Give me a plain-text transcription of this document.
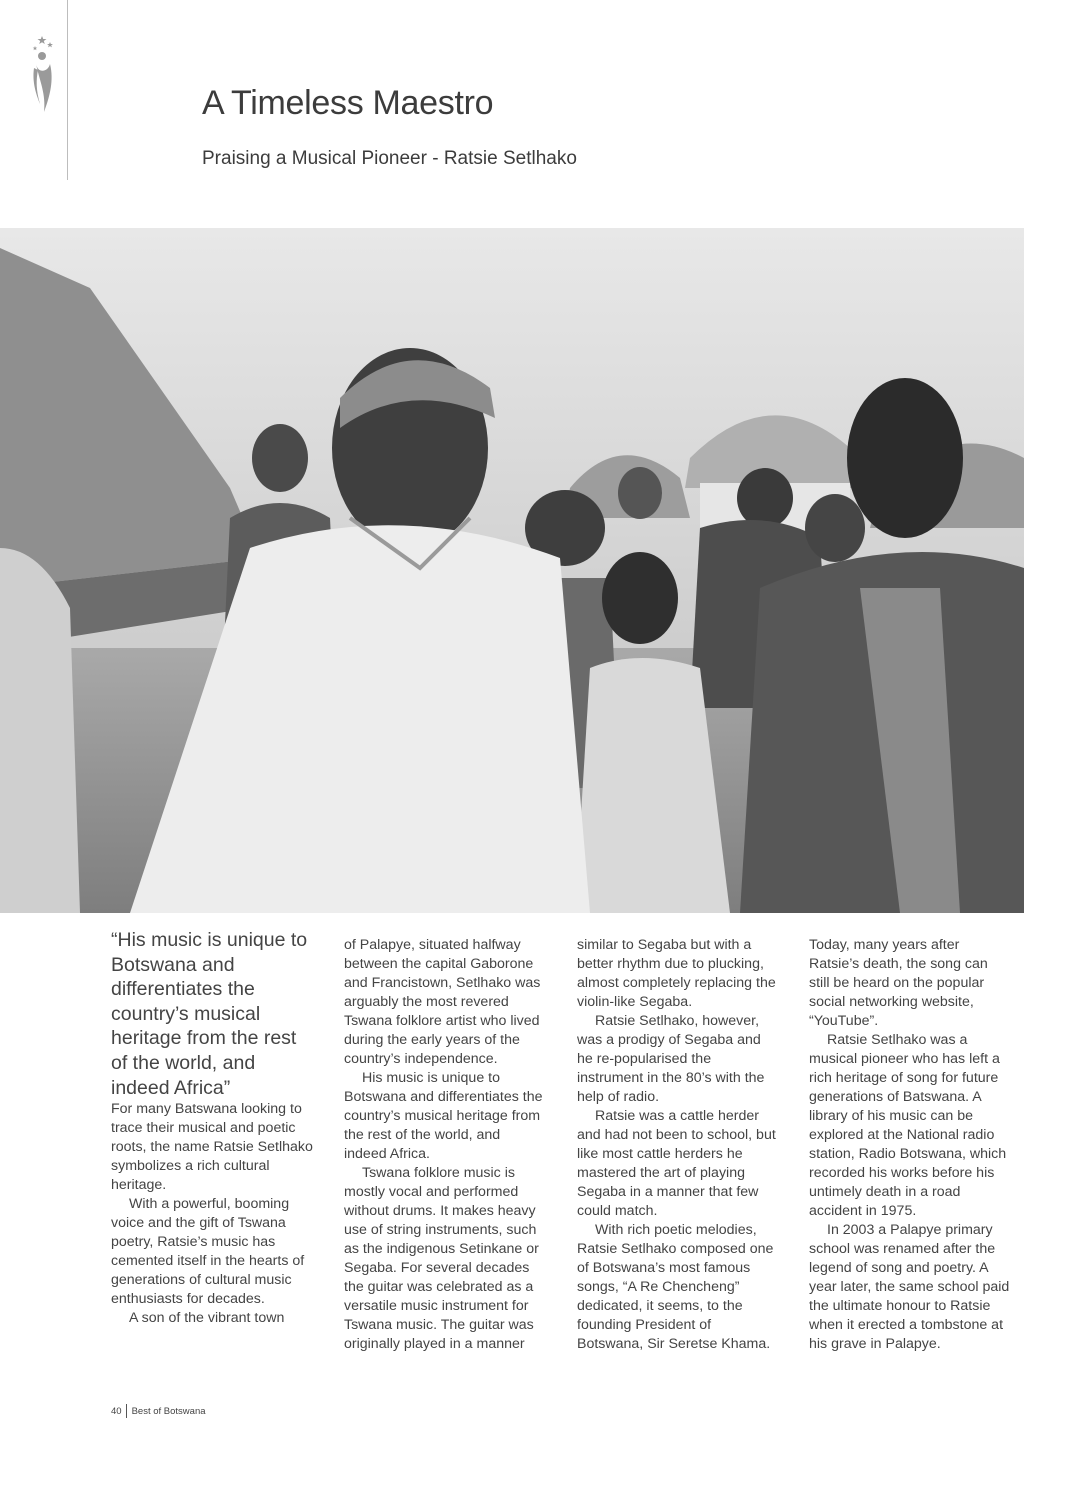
A Timeless Maestro
Praising a Musical Pioneer - Ratsie Setlhako

“His music is unique to Botswana and differentiates the country’s musical heritage from the rest of the world, and indeed Africa”

For many Batswana looking to trace their musical and poetic roots, the name Ratsie Setlhako symbolizes a rich cultural heritage.

With a powerful, booming voice and the gift of Tswana poetry, Ratsie’s music has cemented itself in the hearts of generations of cultural music enthusiasts for decades.

A son of the vibrant town

of Palapye, situated halfway between the capital Gaborone and Francistown, Setlhako was arguably the most revered Tswana folklore artist who lived during the early years of the country’s independence.

His music is unique to Botswana and differentiates the country’s musical heritage from the rest of the world, and indeed Africa.

Tswana folklore music is mostly vocal and performed without drums. It makes heavy use of string instruments, such as the indigenous Setinkane or Segaba. For several decades the guitar was celebrated as a versatile music instrument for Tswana music. The guitar was originally played in a manner

similar to Segaba but with a better rhythm due to plucking, almost completely replacing the violin-like Segaba.

Ratsie Setlhako, however, was a prodigy of Segaba and he re-popularised the instrument in the 80’s with the help of radio.

Ratsie was a cattle herder and had not been to school, but like most cattle herders he mastered the art of playing Segaba in a manner that few could match.

With rich poetic melodies, Ratsie Setlhako composed one of Botswana’s most famous songs, “A Re Chencheng” dedicated, it seems, to the founding President of Botswana, Sir Seretse Khama.

Today, many years after Ratsie’s death, the song can still be heard on the popular social networking website, “YouTube”.

Ratsie Setlhako was a musical pioneer who has left a rich heritage of song for future generations of Batswana. A library of his music can be explored at the National radio station, Radio Botswana, which recorded his works before his untimely death in a road accident in 1975.

In 2003 a Palapye primary school was renamed after the legend of song and poetry. A year later, the same school paid the ultimate honour to Ratsie when it erected a tombstone at his grave in Palapye.

40 Best of Botswana
